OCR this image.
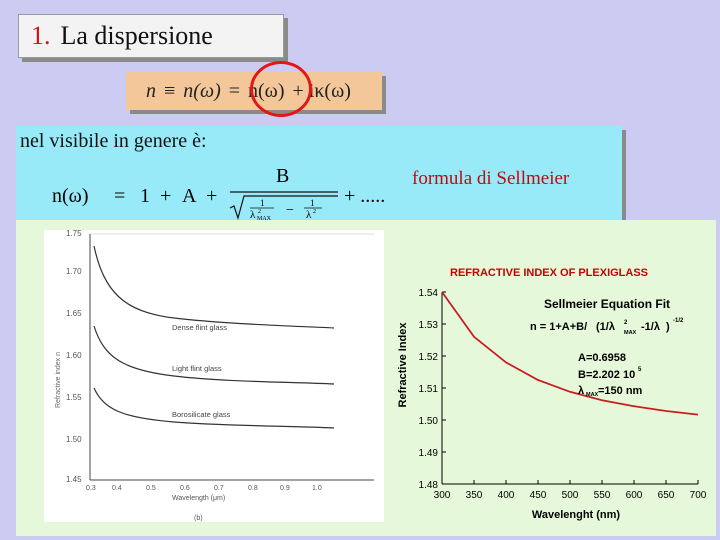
1. La dispersione
n ≡ n(ω) = n(ω) + iκ(ω)
nel visibile in genere è:
n(ω) = 1 + A +
B
1
λ MAX
2 − 1
λ 2
+ .....
formula di Sellmeier
Refractive index n
1.75
1.70
1.65
1.60
1.55
1.50
1.45
0.3 0.4	0.5	0.6	0.7	0.8	0.9	1.0
Wavelength (μm)
Dense flint glass
Light flint glass
Borosilicate glass
(b)
REFRACTIVE INDEX OF PLEXIGLASS
300 350 400 450 500 550 600 650 700
1.54
1.53
1.52
1.51
1.50
1.49
1.48
Wavelenght (nm)
Refractive Index
Sellmeier Equation Fit
n = 1+A+B/ (1/λ 2
MAX -1/λ ) -1/2
A=0.6958
B=2.202 10 5
λ MAX =150 nm
